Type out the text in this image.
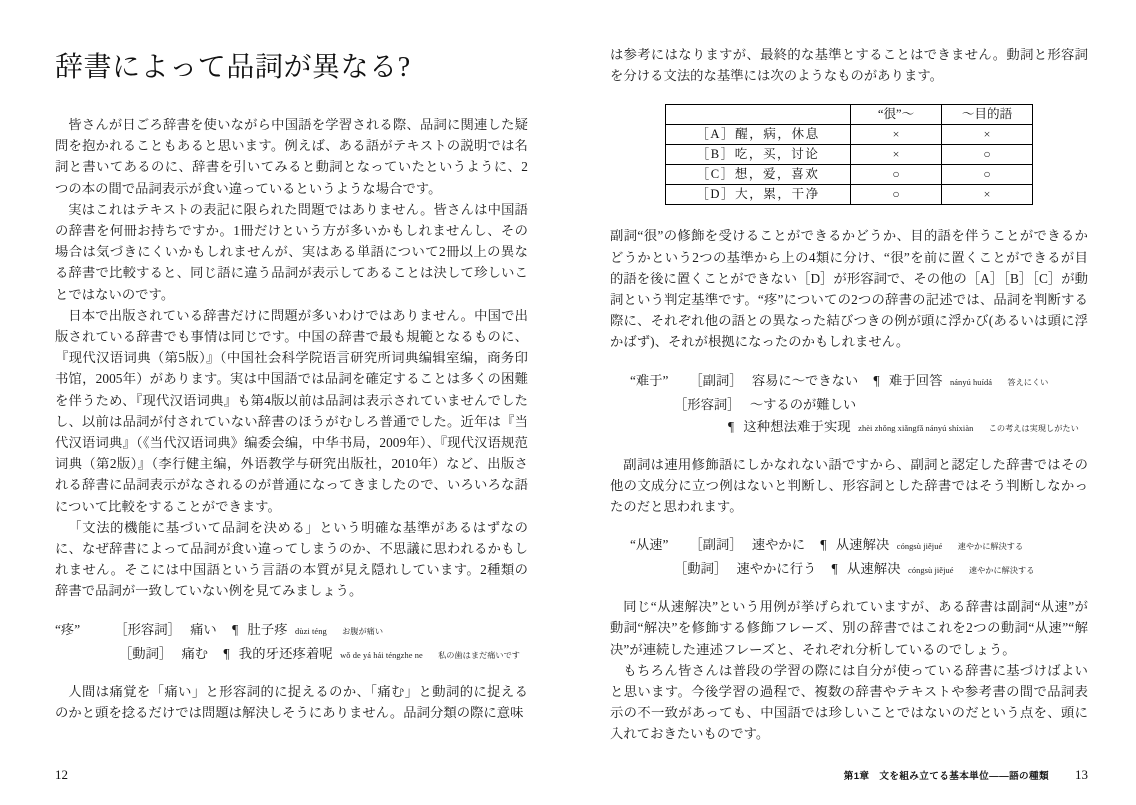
辞書によって品詞が異なる?

皆さんが日ごろ辞書を使いながら中国語を学習される際、品詞に関連した疑問を抱かれることもあると思います。例えば、ある語がテキストの説明では名詞と書いてあるのに、辞書を引いてみると動詞となっていたというように、2つの本の間で品詞表示が食い違っているというような場合です。

実はこれはテキストの表記に限られた問題ではありません。皆さんは中国語の辞書を何冊お持ちですか。1冊だけという方が多いかもしれませんし、その場合は気づきにくいかもしれませんが、実はある単語について2冊以上の異なる辞書で比較すると、同じ語に違う品詞が表示してあることは決して珍しいことではないのです。

日本で出版されている辞書だけに問題が多いわけではありません。中国で出版されている辞書でも事情は同じです。中国の辞書で最も規範となるものに、『现代汉语词典（第5版）』（中国社会科学院语言研究所词典编辑室编，商务印书馆，2005年）があります。実は中国語では品詞を確定することは多くの困難を伴うため、『现代汉语词典』も第4版以前は品詞は表示されていませんでしたし、以前は品詞が付されていない辞書のほうがむしろ普通でした。近年は『当代汉语词典』（《当代汉语词典》编委会编，中华书局，2009年）、『现代汉语规范词典（第2版）』（李行健主编，外语教学与研究出版社，2010年）など、出版される辞書に品詞表示がなされるのが普通になってきましたので、いろいろな語について比較をすることができます。

「文法的機能に基づいて品詞を決める」という明確な基準があるはずなのに、なぜ辞書によって品詞が食い違ってしまうのか、不思議に思われるかもしれません。そこには中国語という言語の本質が見え隠れしています。2種類の辞書で品詞が一致していない例を見てみましょう。

“疼”	［形容詞］ 痛い ¶ 肚子疼 dùzi téng お腹が痛い
［動詞］ 痛む ¶ 我的牙还疼着呢 wǒ de yá hái téngzhe ne 私の歯はまだ痛いです

人間は痛覚を「痛い」と形容詞的に捉えるのか、「痛む」と動詞的に捉えるのかと頭を捻るだけでは問題は解決しそうにありません。品詞分類の際に意味

12

は参考にはなりますが、最終的な基準とすることはできません。動詞と形容詞を分ける文法的な基準には次のようなものがあります。

	“很”〜	〜目的語
［A］醒，病，休息	×	×
［B］吃，买，讨论	×	○
［C］想，爱，喜欢	○	○
［D］大，累，干净	○	×

副詞“很”の修飾を受けることができるかどうか、目的語を伴うことができるかどうかという2つの基準から上の4類に分け、“很”を前に置くことができるが目的語を後に置くことができない［D］が形容詞で、その他の［A］［B］［C］が動詞という判定基準です。“疼”についての2つの辞書の記述では、品詞を判断する際に、それぞれ他の語との異なった結びつきの例が頭に浮かび(あるいは頭に浮かばず)、それが根拠になったのかもしれません。

“难于” ［副詞］ 容易に〜できない ¶ 难于回答 nányú huídá 答えにくい
［形容詞］ 〜するのが難しい
¶ 这种想法难于实现 zhèi zhǒng xiǎngfǎ nányú shíxiàn この考えは実現しがたい

副詞は連用修飾語にしかなれない語ですから、副詞と認定した辞書ではその他の文成分に立つ例はないと判断し、形容詞とした辞書ではそう判断しなかったのだと思われます。

“从速” ［副詞］ 速やかに ¶ 从速解决 cóngsù jiějué 速やかに解決する
［動詞］ 速やかに行う ¶ 从速解决 cóngsù jiějué 速やかに解決する

同じ“从速解决”という用例が挙げられていますが、ある辞書は副詞“从速”が動詞“解决”を修飾する修飾フレーズ、別の辞書ではこれを2つの動詞“从速”“解决”が連続した連述フレーズと、それぞれ分析しているのでしょう。

もちろん皆さんは普段の学習の際には自分が使っている辞書に基づけばよいと思います。今後学習の過程で、複数の辞書やテキストや参考書の間で品詞表示の不一致があっても、中国語では珍しいことではないのだという点を、頭に入れておきたいものです。

第1章　文を組み立てる基本単位——語の種類 13
